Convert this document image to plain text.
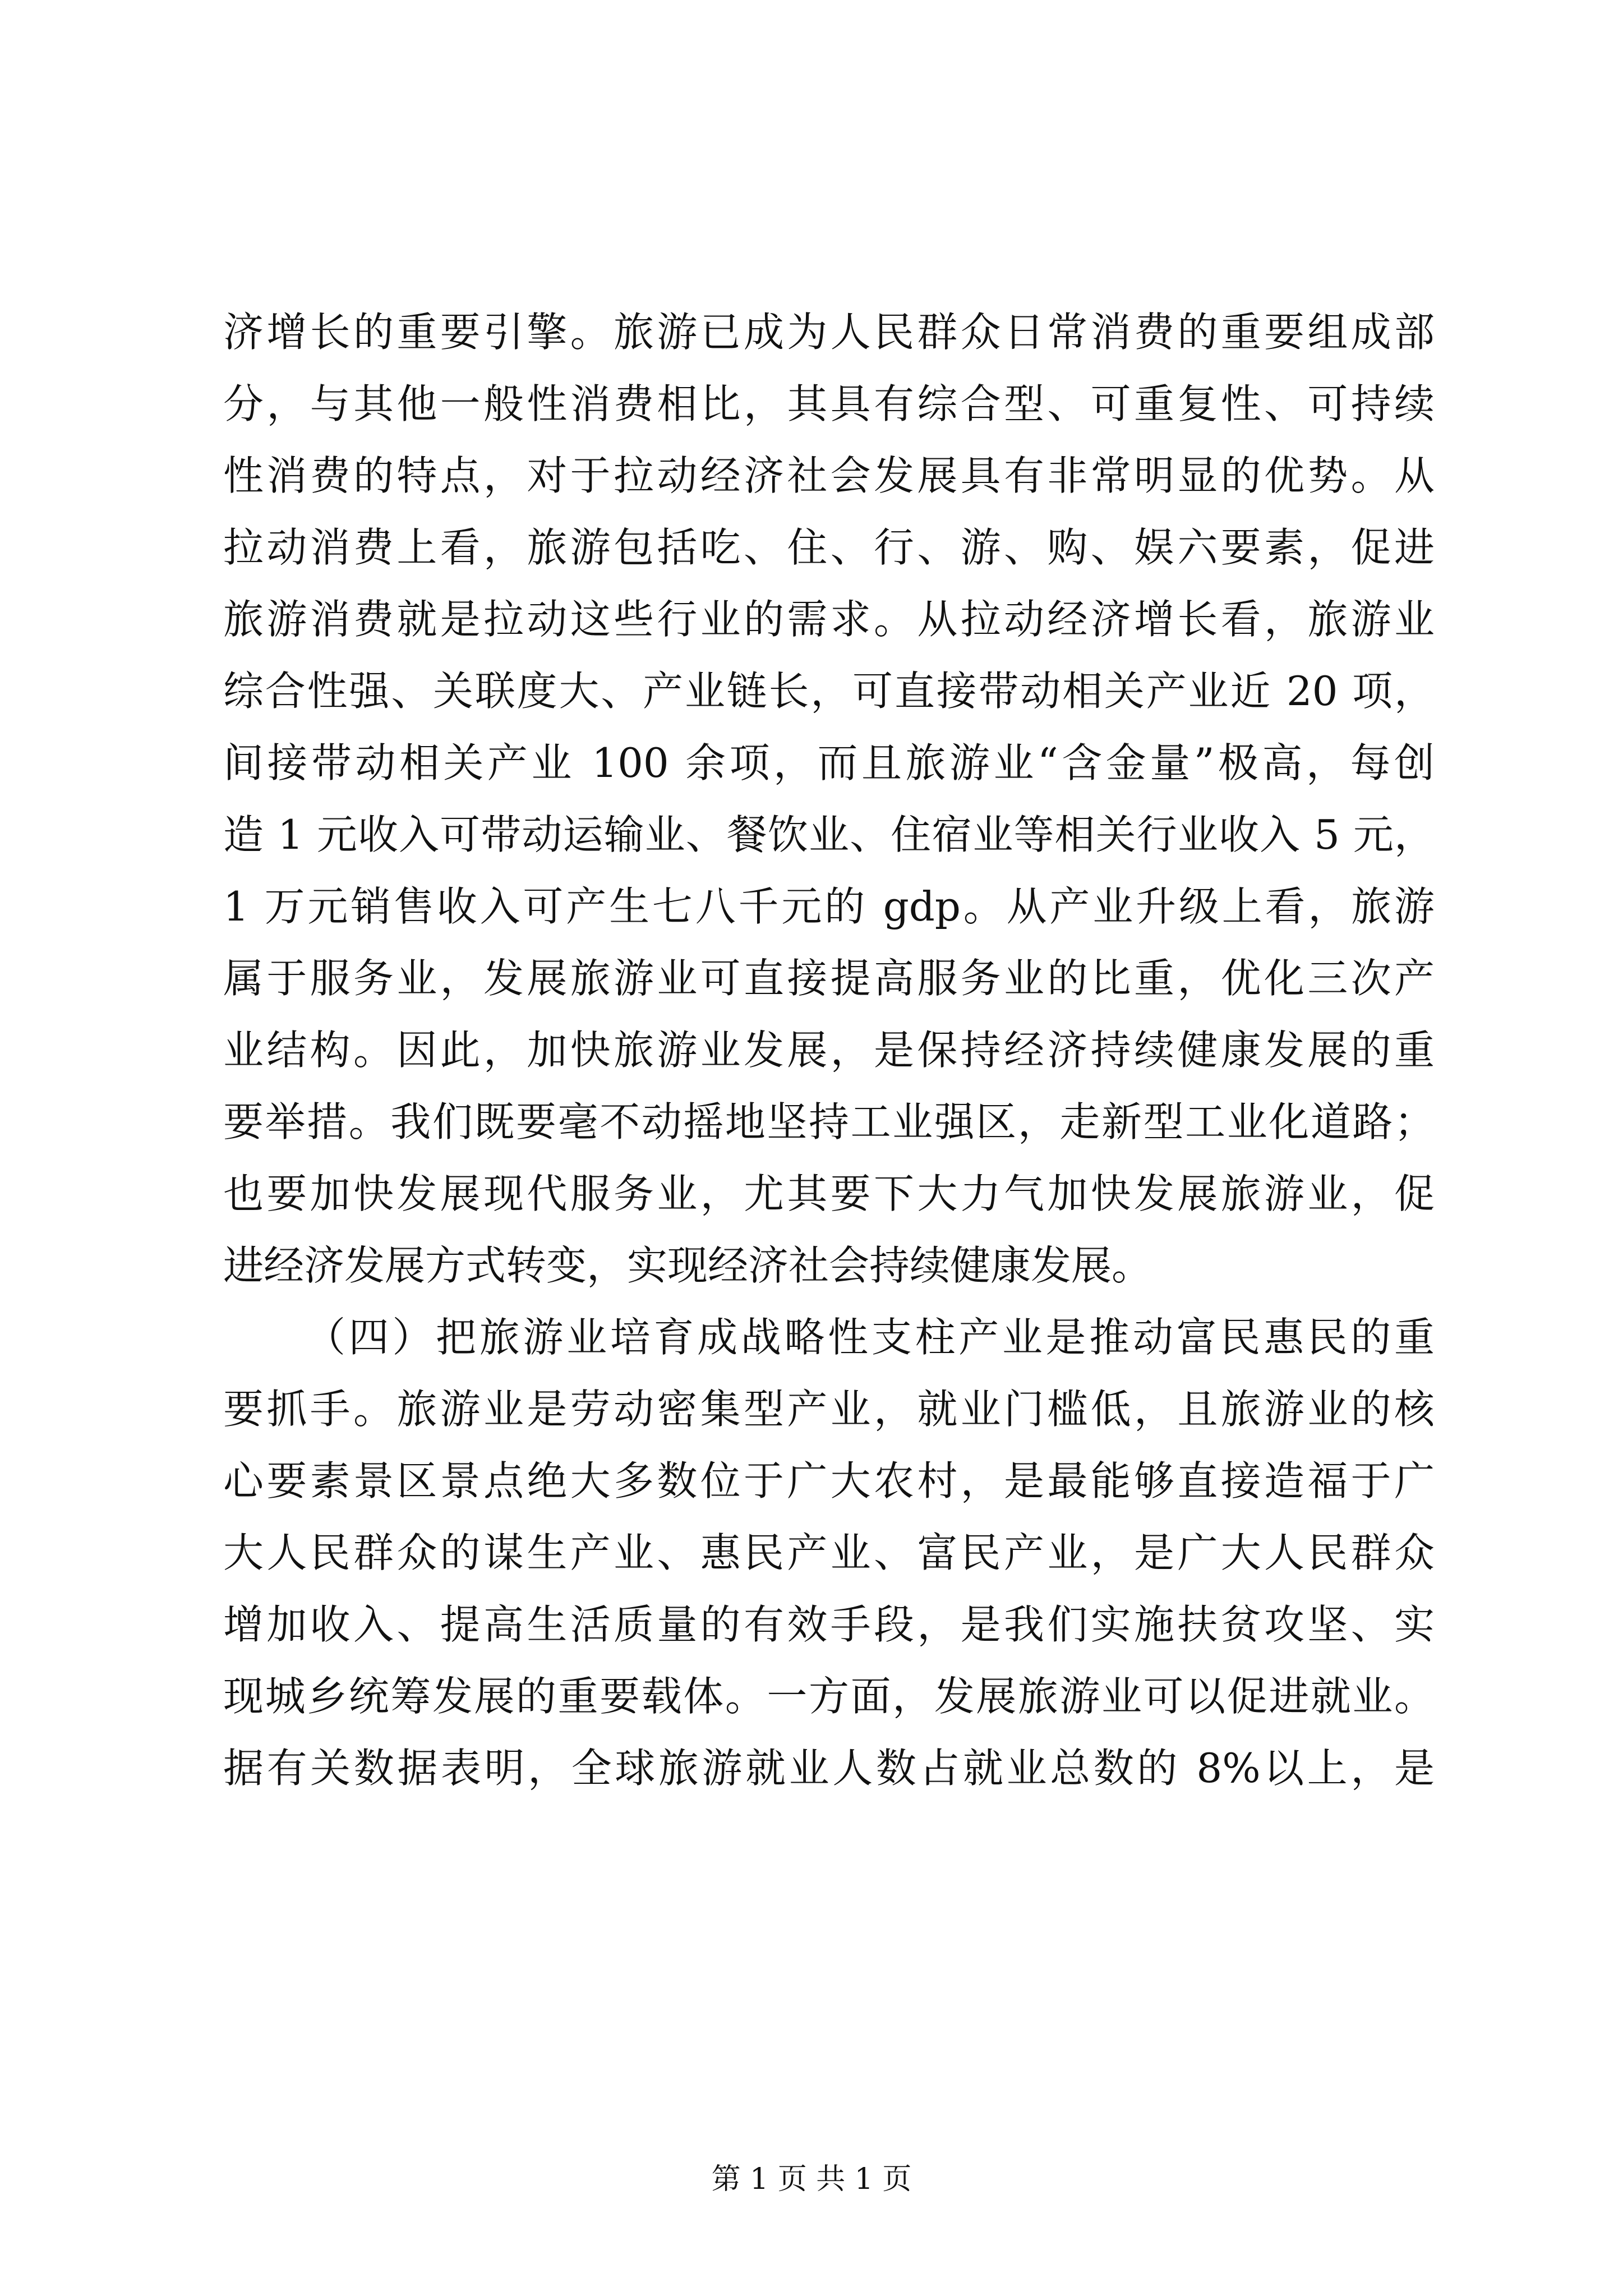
济增长的重要引擎。旅游已成为人民群众日常消费的重要组成部
分，与其他一般性消费相比，其具有综合型、可重复性、可持续
性消费的特点，对于拉动经济社会发展具有非常明显的优势。从
拉动消费上看，旅游包括吃、住、行、游、购、娱六要素，促进
旅游消费就是拉动这些行业的需求。从拉动经济增长看，旅游业
综合性强、关联度大、产业链长，可直接带动相关产业近 20 项，
间接带动相关产业 100 余项，而且旅游业“含金量”极高，每创
造 1 元收入可带动运输业、餐饮业、住宿业等相关行业收入 5 元，
1 万元销售收入可产生七八千元的 gdp。从产业升级上看，旅游
属于服务业，发展旅游业可直接提高服务业的比重，优化三次产
业结构。因此，加快旅游业发展，是保持经济持续健康发展的重
要举措。我们既要毫不动摇地坚持工业强区，走新型工业化道路；
也要加快发展现代服务业，尤其要下大力气加快发展旅游业，促
进经济发展方式转变，实现经济社会持续健康发展。
（四）把旅游业培育成战略性支柱产业是推动富民惠民的重
要抓手。旅游业是劳动密集型产业，就业门槛低，且旅游业的核
心要素景区景点绝大多数位于广大农村，是最能够直接造福于广
大人民群众的谋生产业、惠民产业、富民产业，是广大人民群众
增加收入、提高生活质量的有效手段，是我们实施扶贫攻坚、实
现城乡统筹发展的重要载体。一方面，发展旅游业可以促进就业。
据有关数据表明，全球旅游就业人数占就业总数的 8%以上，是
第 1 页 共 1 页
